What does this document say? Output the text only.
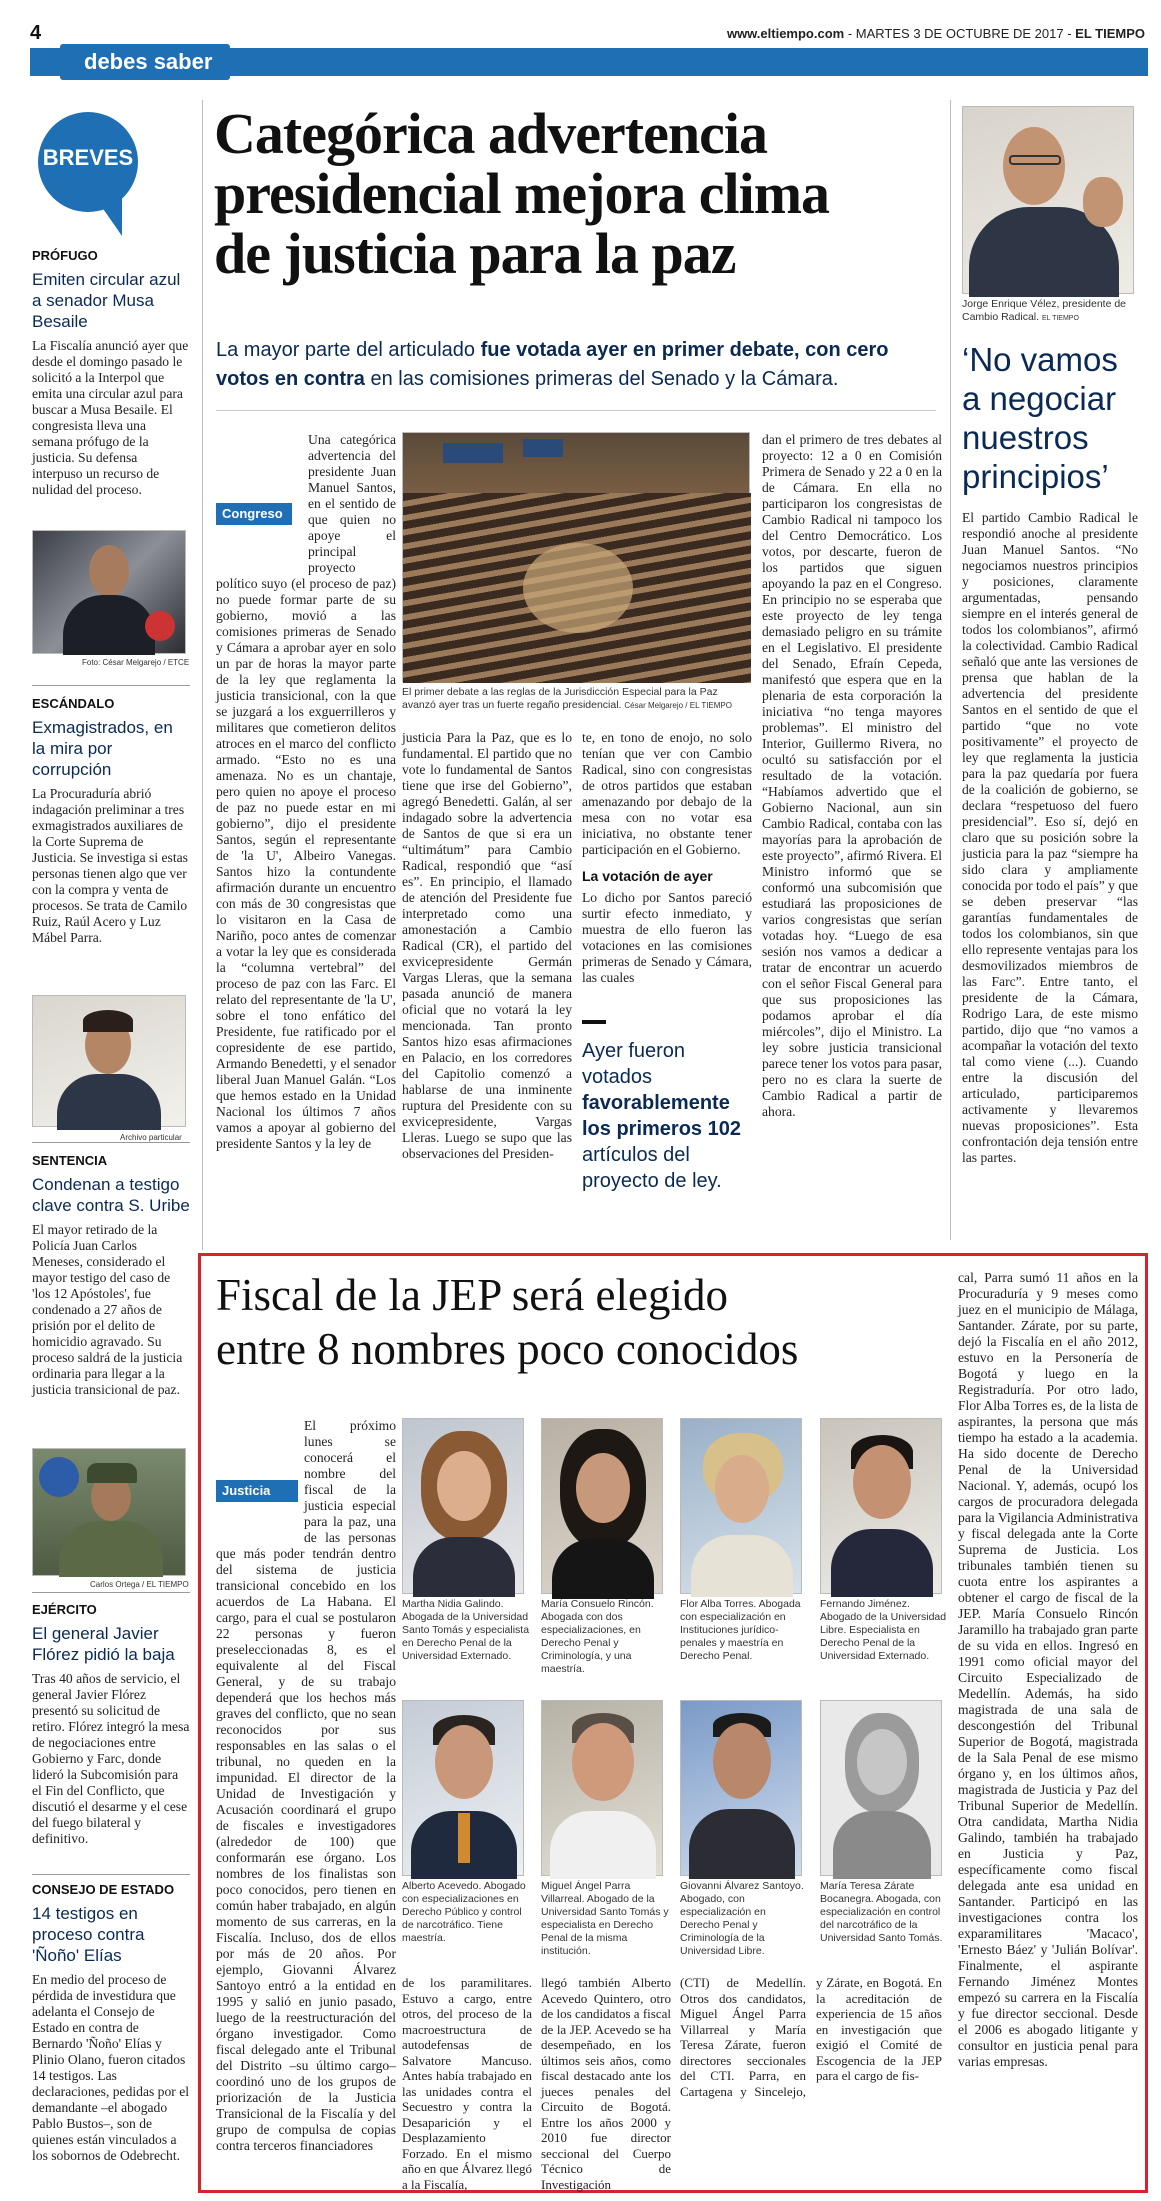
4	www.eltiempo.com - MARTES 3 DE OCTUBRE DE 2017 - EL TIEMPO
debes saber
BREVES
PRÓFUGO
Emiten circular azul a senador Musa Besaile
La Fiscalía anunció ayer que desde el domingo pasado le solicitó a la Interpol que emita una circular azul para buscar a Musa Besaile. El congresista lleva una semana prófugo de la justicia. Su defensa interpuso un recurso de nulidad del proceso.
Foto: César Melgarejo / ETCE
ESCÁNDALO
Exmagistrados, en la mira por corrupción
La Procuraduría abrió indagación preliminar a tres exmagistrados auxiliares de la Corte Suprema de Justicia. Se investiga si estas personas tienen algo que ver con la compra y venta de procesos. Se trata de Camilo Ruiz, Raúl Acero y Luz Mábel Parra.
Archivo particular
SENTENCIA
Condenan a testigo clave contra S. Uribe
El mayor retirado de la Policía Juan Carlos Meneses, considerado el mayor testigo del caso de 'los 12 Apóstoles', fue condenado a 27 años de prisión por el delito de homicidio agravado. Su proceso saldrá de la justicia ordinaria para llegar a la justicia transicional de paz.
Carlos Ortega / EL TIEMPO
EJÉRCITO
El general Javier Flórez pidió la baja
Tras 40 años de servicio, el general Javier Flórez presentó su solicitud de retiro. Flórez integró la mesa de negociaciones entre Gobierno y Farc, donde lideró la Subcomisión para el Fin del Conflicto, que discutió el desarme y el cese del fuego bilateral y definitivo.
CONSEJO DE ESTADO
14 testigos en proceso contra 'Ñoño' Elías
En medio del proceso de pérdida de investidura que adelanta el Consejo de Estado en contra de Bernardo 'Ñoño' Elías y Plinio Olano, fueron citados 14 testigos. Las declaraciones, pedidas por el demandante –el abogado Pablo Bustos–, son de quienes están vinculados a los sobornos de Odebrecht.
Categórica advertencia
presidencial mejora clima
de justicia para la paz
La mayor parte del articulado fue votada ayer en primer debate, con cero votos en contra en las comisiones primeras del Senado y la Cámara.
Congreso
Una categórica advertencia del presidente Juan Manuel Santos, en el sentido de que quien no apoye el principal proyecto político suyo (el proceso de paz) no puede formar parte de su gobierno, movió a las comisiones primeras de Senado y Cámara a aprobar ayer en solo un par de horas la mayor parte de la ley que reglamenta la justicia transicional, con la que se juzgará a los exguerrilleros y militares que cometieron delitos atroces en el marco del conflicto armado. “Esto no es una amenaza. No es un chantaje, pero quien no apoye el proceso de paz no puede estar en mi gobierno”, dijo el presidente Santos, según el representante de 'la U', Albeiro Vanegas. Santos hizo la contundente afirmación durante un encuentro con más de 30 congresistas que lo visitaron en la Casa de Nariño, poco antes de comenzar a votar la ley que es considerada la “columna vertebral” del proceso de paz con las Farc. El relato del representante de 'la U', sobre el tono enfático del Presidente, fue ratificado por el copresidente de ese partido, Armando Benedetti, y el senador liberal Juan Manuel Galán. “Los que hemos estado en la Unidad Nacional los últimos 7 años vamos a apoyar al gobierno del presidente Santos y la ley de
El primer debate a las reglas de la Jurisdicción Especial para la Paz avanzó ayer tras un fuerte regaño presidencial. César Melgarejo / EL TIEMPO
justicia Para la Paz, que es lo fundamental. El partido que no vote lo fundamental de Santos tiene que irse del Gobierno”, agregó Benedetti. Galán, al ser indagado sobre la advertencia de Santos de que si era un “ultimátum” para Cambio Radical, respondió que “así es”. En principio, el llamado de atención del Presidente fue interpretado como una amonestación a Cambio Radical (CR), el partido del exvicepresidente Germán Vargas Lleras, que la semana pasada anunció de manera oficial que no votará la ley mencionada. Tan pronto Santos hizo esas afirmaciones en Palacio, en los corredores del Capitolio comenzó a hablarse de una inminente ruptura del Presidente con su exvicepresidente, Vargas Lleras. Luego se supo que las observaciones del Presiden-
te, en tono de enojo, no solo tenían que ver con Cambio Radical, sino con congresistas de otros partidos que estaban amenazando por debajo de la mesa con no votar esa iniciativa, no obstante tener participación en el Gobierno.
La votación de ayer
Lo dicho por Santos pareció surtir efecto inmediato, y muestra de ello fueron las votaciones en las comisiones primeras de Senado y Cámara, las cuales
Ayer fueron votados favorablemente los primeros 102 artículos del proyecto de ley.
dan el primero de tres debates al proyecto: 12 a 0 en Comisión Primera de Senado y 22 a 0 en la de Cámara. En ella no participaron los congresistas de Cambio Radical ni tampoco los del Centro Democrático. Los votos, por descarte, fueron de los partidos que siguen apoyando la paz en el Congreso. En principio no se esperaba que este proyecto de ley tenga demasiado peligro en su trámite en el Legislativo. El presidente del Senado, Efraín Cepeda, manifestó que espera que en la plenaria de esta corporación la iniciativa “no tenga mayores problemas”. El ministro del Interior, Guillermo Rivera, no ocultó su satisfacción por el resultado de la votación. “Habíamos advertido que el Gobierno Nacional, aun sin Cambio Radical, contaba con las mayorías para la aprobación de este proyecto”, afirmó Rivera. El Ministro informó que se conformó una subcomisión que estudiará las proposiciones de varios congresistas que serían votadas hoy. “Luego de esa sesión nos vamos a dedicar a tratar de encontrar un acuerdo con el señor Fiscal General para que sus proposiciones las podamos aprobar el día miércoles”, dijo el Ministro. La ley sobre justicia transicional parece tener los votos para pasar, pero no es clara la suerte de Cambio Radical a partir de ahora.
Jorge Enrique Vélez, presidente de Cambio Radical. EL TIEMPO
‘No vamos
a negociar
nuestros
principios’
El partido Cambio Radical le respondió anoche al presidente Juan Manuel Santos. “No negociamos nuestros principios y posiciones, claramente argumentadas, pensando siempre en el interés general de todos los colombianos”, afirmó la colectividad. Cambio Radical señaló que ante las versiones de prensa que hablan de la advertencia del presidente Santos en el sentido de que el partido “que no vote positivamente” el proyecto de ley que reglamenta la justicia para la paz quedaría por fuera de la coalición de gobierno, se declara “respetuoso del fuero presidencial”. Eso sí, dejó en claro que su posición sobre la justicia para la paz “siempre ha sido clara y ampliamente conocida por todo el país” y que se deben preservar “las garantías fundamentales de todos los colombianos, sin que ello represente ventajas para los desmovilizados miembros de las Farc”. Entre tanto, el presidente de la Cámara, Rodrigo Lara, de este mismo partido, dijo que “no vamos a acompañar la votación del texto tal como viene (...). Cuando entre la discusión del articulado, participaremos activamente y llevaremos nuevas proposiciones”. Esta confrontación deja tensión entre las partes.
Fiscal de la JEP será elegido
entre 8 nombres poco conocidos
Justicia
El próximo lunes se conocerá el nombre del fiscal de la justicia especial para la paz, una de las personas que más poder tendrán dentro del sistema de justicia transicional concebido en los acuerdos de La Habana. El cargo, para el cual se postularon 22 personas y fueron preseleccionadas 8, es el equivalente al del Fiscal General, y de su trabajo dependerá que los hechos más graves del conflicto, que no sean reconocidos por sus responsables en las salas o el tribunal, no queden en la impunidad. El director de la Unidad de Investigación y Acusación coordinará el grupo de fiscales e investigadores (alrededor de 100) que conformarán ese órgano. Los nombres de los finalistas son poco conocidos, pero tienen en común haber trabajado, en algún momento de sus carreras, en la Fiscalía. Incluso, dos de ellos por más de 20 años. Por ejemplo, Giovanni Álvarez Santoyo entró a la entidad en 1995 y salió en junio pasado, luego de la reestructuración del órgano investigador. Como fiscal delegado ante el Tribunal del Distrito –su último cargo– coordinó uno de los grupos de priorización de la Justicia Transicional de la Fiscalía y del grupo de compulsa de copias contra terceros financiadores
Martha Nidia Galindo. Abogada de la Universidad Santo Tomás y especialista en Derecho Penal de la Universidad Externado.
María Consuelo Rincón. Abogada con dos especializaciones, en Derecho Penal y Criminología, y una maestría.
Flor Alba Torres. Abogada con especialización en Instituciones jurídico-penales y maestría en Derecho Penal.
Fernando Jiménez. Abogado de la Universidad Libre. Especialista en Derecho Penal de la Universidad Externado.
Alberto Acevedo. Abogado con especializaciones en Derecho Público y control de narcotráfico. Tiene maestría.
Miguel Ángel Parra Villarreal. Abogado de la Universidad Santo Tomás y especialista en Derecho Penal de la misma institución.
Giovanni Álvarez Santoyo. Abogado, con especialización en Derecho Penal y Criminología de la Universidad Libre.
María Teresa Zárate Bocanegra. Abogada, con especialización en control del narcotráfico de la Universidad Santo Tomás.
de los paramilitares. Estuvo a cargo, entre otros, del proceso de la macroestructura de autodefensas de Salvatore Mancuso. Antes había trabajado en las unidades contra el Secuestro y contra la Desaparición y el Desplazamiento Forzado. En el mismo año en que Álvarez llegó a la Fiscalía,
llegó también Alberto Acevedo Quintero, otro de los candidatos a fiscal de la JEP. Acevedo se ha desempeñado, en los últimos seis años, como fiscal destacado ante los jueces penales del Circuito de Bogotá. Entre los años 2000 y 2010 fue director seccional del Cuerpo Técnico de Investigación
(CTI) de Medellín. Otros dos candidatos, Miguel Ángel Parra Villarreal y María Teresa Zárate, fueron directores seccionales del CTI. Parra, en Cartagena y Sincelejo, y Zárate, en Bogotá. En la acreditación de experiencia de 15 años en investigación que exigió el Comité de Escogencia de la JEP para el cargo de fis-
cal, Parra sumó 11 años en la Procuraduría y 9 meses como juez en el municipio de Málaga, Santander. Zárate, por su parte, dejó la Fiscalía en el año 2012, estuvo en la Personería de Bogotá y luego en la Registraduría. Por otro lado, Flor Alba Torres es, de la lista de aspirantes, la persona que más tiempo ha estado a la academia. Ha sido docente de Derecho Penal de la Universidad Nacional. Y, además, ocupó los cargos de procuradora delegada para la Vigilancia Administrativa y fiscal delegada ante la Corte Suprema de Justicia. Los tribunales también tienen su cuota entre los aspirantes a obtener el cargo de fiscal de la JEP. María Consuelo Rincón Jaramillo ha trabajado gran parte de su vida en ellos. Ingresó en 1991 como oficial mayor del Circuito Especializado de Medellín. Además, ha sido magistrada de una sala de descongestión del Tribunal Superior de Bogotá, magistrada de la Sala Penal de ese mismo órgano y, en los últimos años, magistrada de Justicia y Paz del Tribunal Superior de Medellín. Otra candidata, Martha Nidia Galindo, también ha trabajado en Justicia y Paz, específicamente como fiscal delegada ante esa unidad en Santander. Participó en las investigaciones contra los exparamilitares 'Macaco', 'Ernesto Báez' y 'Julián Bolívar'. Finalmente, el aspirante Fernando Jiménez Montes empezó su carrera en la Fiscalía y fue director seccional. Desde el 2006 es abogado litigante y consultor en justicia penal para varias empresas.
